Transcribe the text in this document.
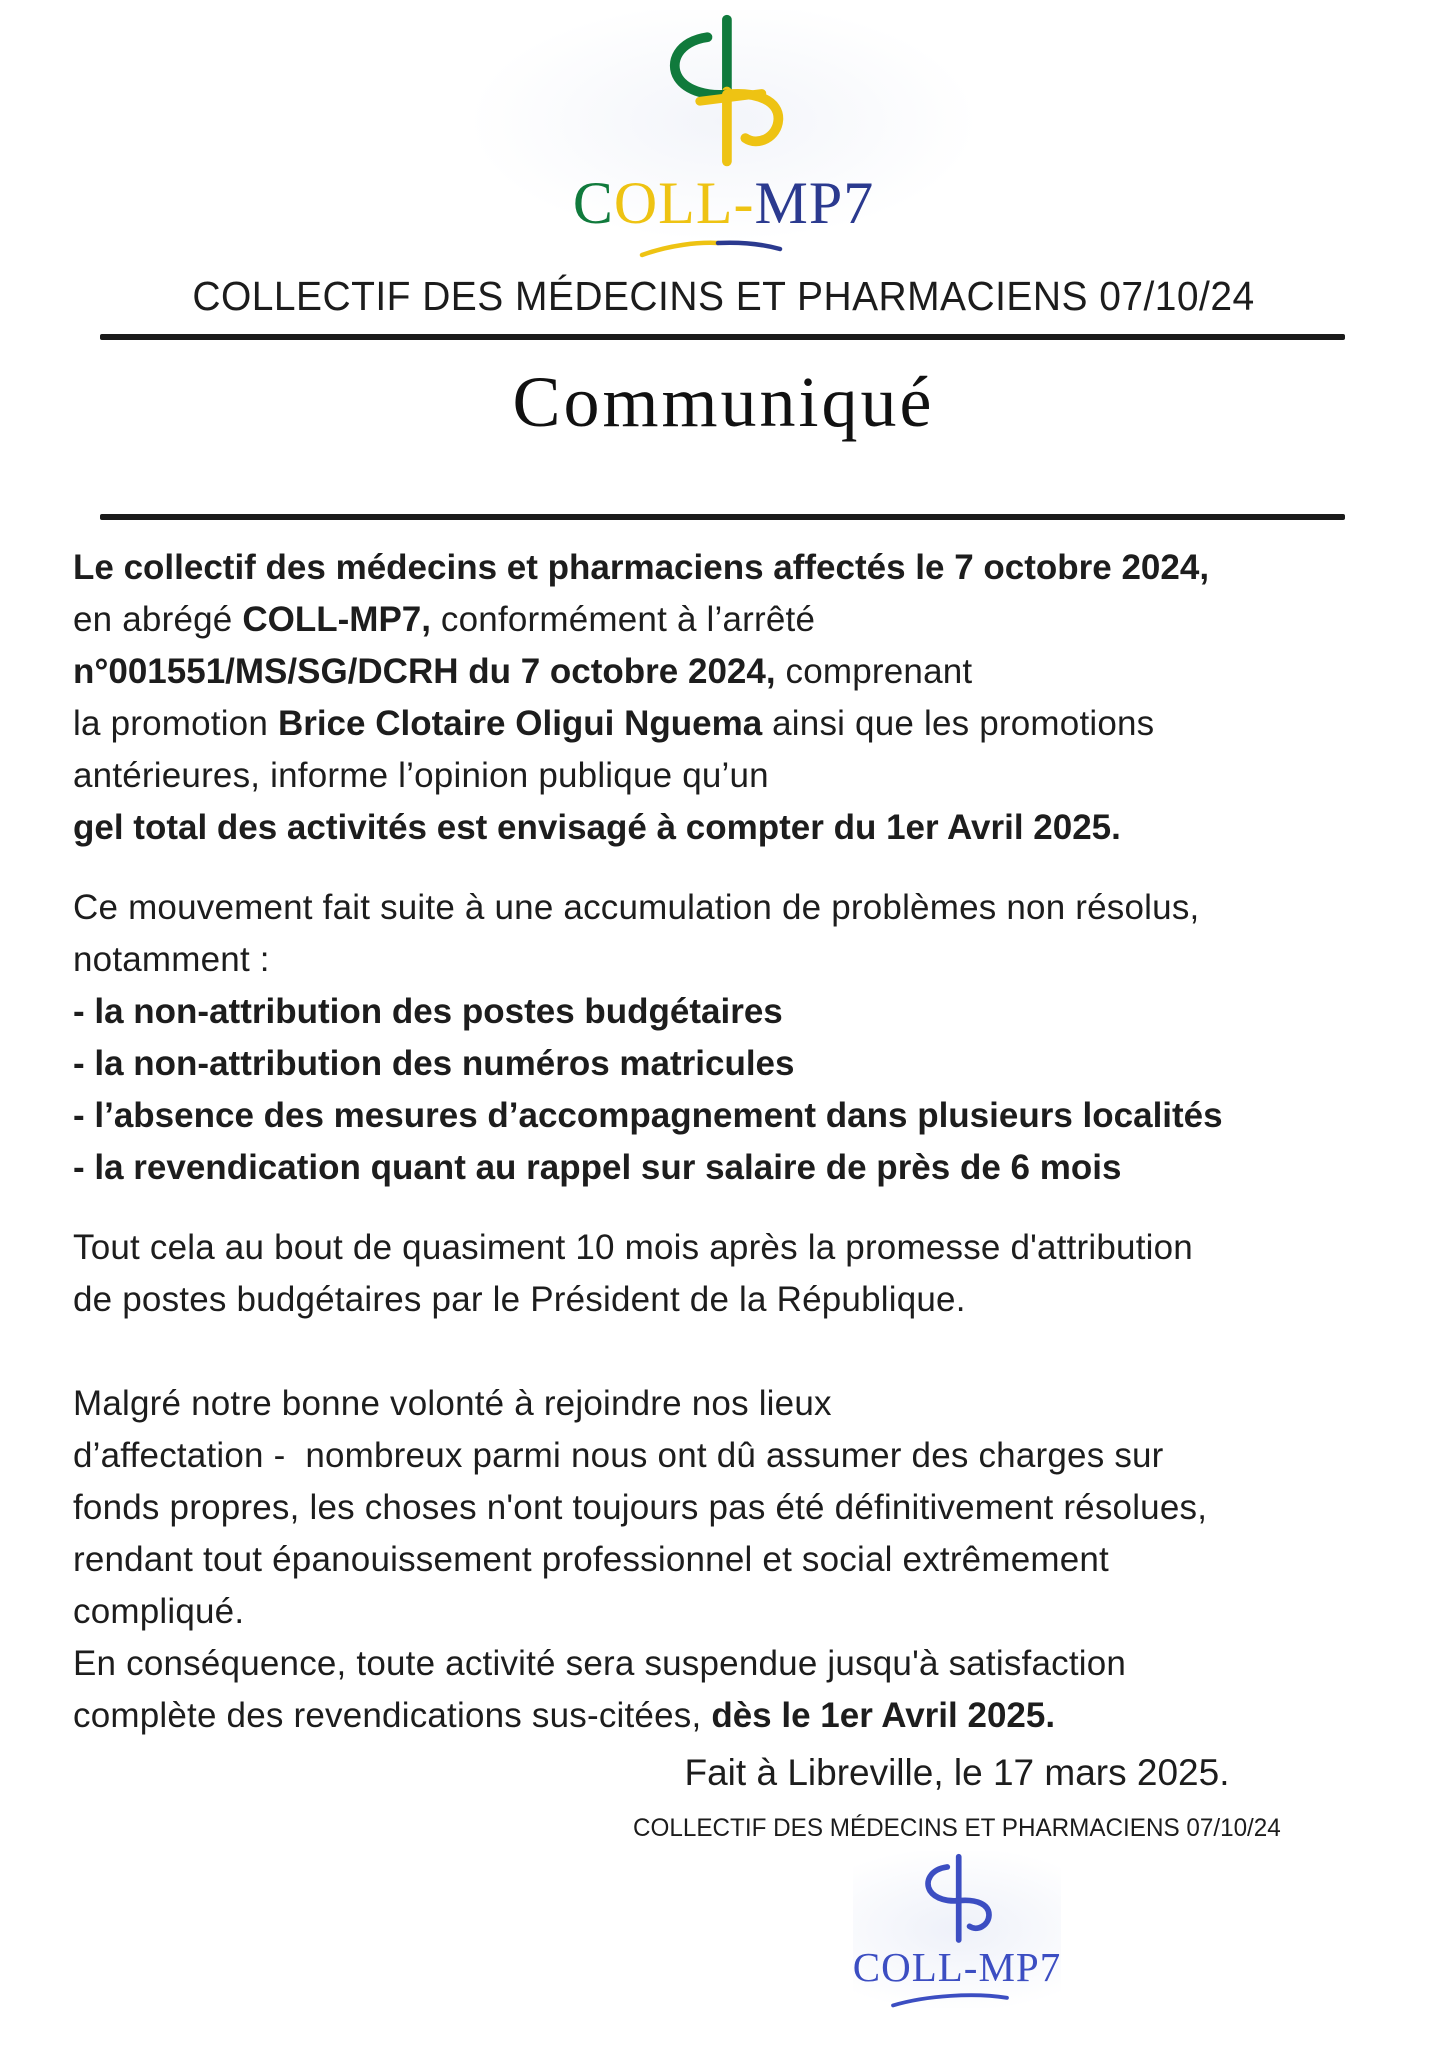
COLL-MP7
COLLECTIF DES MÉDECINS ET PHARMACIENS 07/10/24
Communiqué
Le collectif des médecins et pharmaciens affectés le 7 octobre 2024,
en abrégé COLL-MP7, conformément à l’arrêté
n°001551/MS/SG/DCRH du 7 octobre 2024, comprenant
la promotion Brice Clotaire Oligui Nguema ainsi que les promotions
antérieures, informe l’opinion publique qu’un
gel total des activités est envisagé à compter du 1er Avril 2025.
Ce mouvement fait suite à une accumulation de problèmes non résolus,
notamment :
- la non-attribution des postes budgétaires
- la non-attribution des numéros matricules
- l’absence des mesures d’accompagnement dans plusieurs localités
- la revendication quant au rappel sur salaire de près de 6 mois
Tout cela au bout de quasiment 10 mois après la promesse d'attribution
de postes budgétaires par le Président de la République.
Malgré notre bonne volonté à rejoindre nos lieux
d’affectation -  nombreux parmi nous ont dû assumer des charges sur
fonds propres, les choses n'ont toujours pas été définitivement résolues,
rendant tout épanouissement professionnel et social extrêmement
compliqué.
En conséquence, toute activité sera suspendue jusqu'à satisfaction
complète des revendications sus-citées, dès le 1er Avril 2025.
Fait à Libreville, le 17 mars 2025.
COLLECTIF DES MÉDECINS ET PHARMACIENS 07/10/24
COLL-MP7
